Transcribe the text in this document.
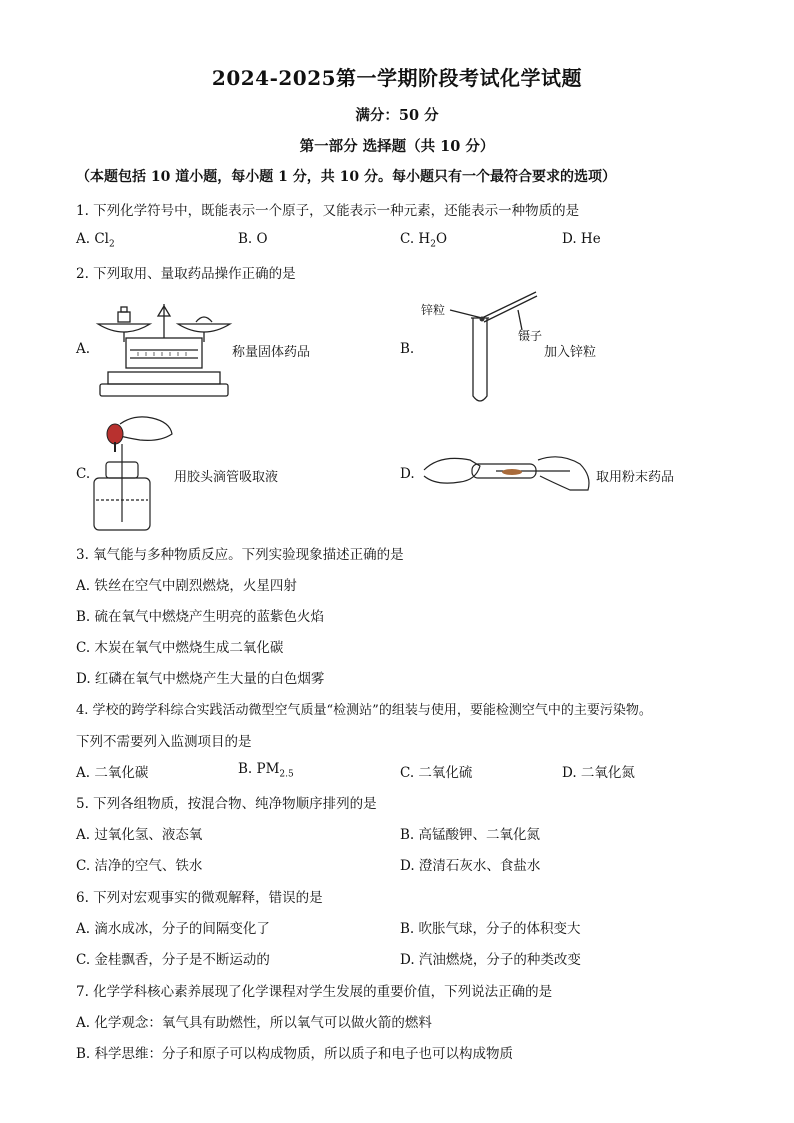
2024-2025第一学期阶段考试化学试题
满分：50 分
第一部分 选择题（共 10 分）
（本题包括 10 道小题，每小题 1 分，共 10 分。每小题只有一个最符合要求的选项）
1. 下列化学符号中，既能表示一个原子，又能表示一种元素，还能表示一种物质的是
A. $Cl_2$	B. O	C. $H_2O$	D. He
2. 下列取用、量取药品操作正确的是
A.	称量固体药品	B.
锌粒
镊子
加入锌粒
C.	用胶头滴管吸取液	D.	取用粉末药品
3. 氧气能与多种物质反应。下列实验现象描述正确的是
A. 铁丝在空气中剧烈燃烧，火星四射
B. 硫在氧气中燃烧产生明亮的蓝紫色火焰
C. 木炭在氧气中燃烧生成二氧化碳
D. 红磷在氧气中燃烧产生大量的白色烟雾
4. 学校的跨学科综合实践活动微型空气质量“检测站”的组装与使用，要能检测空气中的主要污染物。
下列不需要列入监测项目的是
A. 二氧化碳	B. $PM_{2.5}$	C. 二氧化硫	D. 二氧化氮
5. 下列各组物质，按混合物、纯净物顺序排列的是
A. 过氧化氢、液态氧	B. 高锰酸钾、二氧化氮
C. 洁净的空气、铁水	D. 澄清石灰水、食盐水
6. 下列对宏观事实的微观解释，错误的是
A. 滴水成冰，分子的间隔变化了	B. 吹胀气球，分子的体积变大
C. 金桂飘香，分子是不断运动的	D. 汽油燃烧，分子的种类改变
7. 化学学科核心素养展现了化学课程对学生发展的重要价值，下列说法正确的是
A. 化学观念：氧气具有助燃性，所以氧气可以做火箭的燃料
B. 科学思维：分子和原子可以构成物质，所以质子和电子也可以构成物质
